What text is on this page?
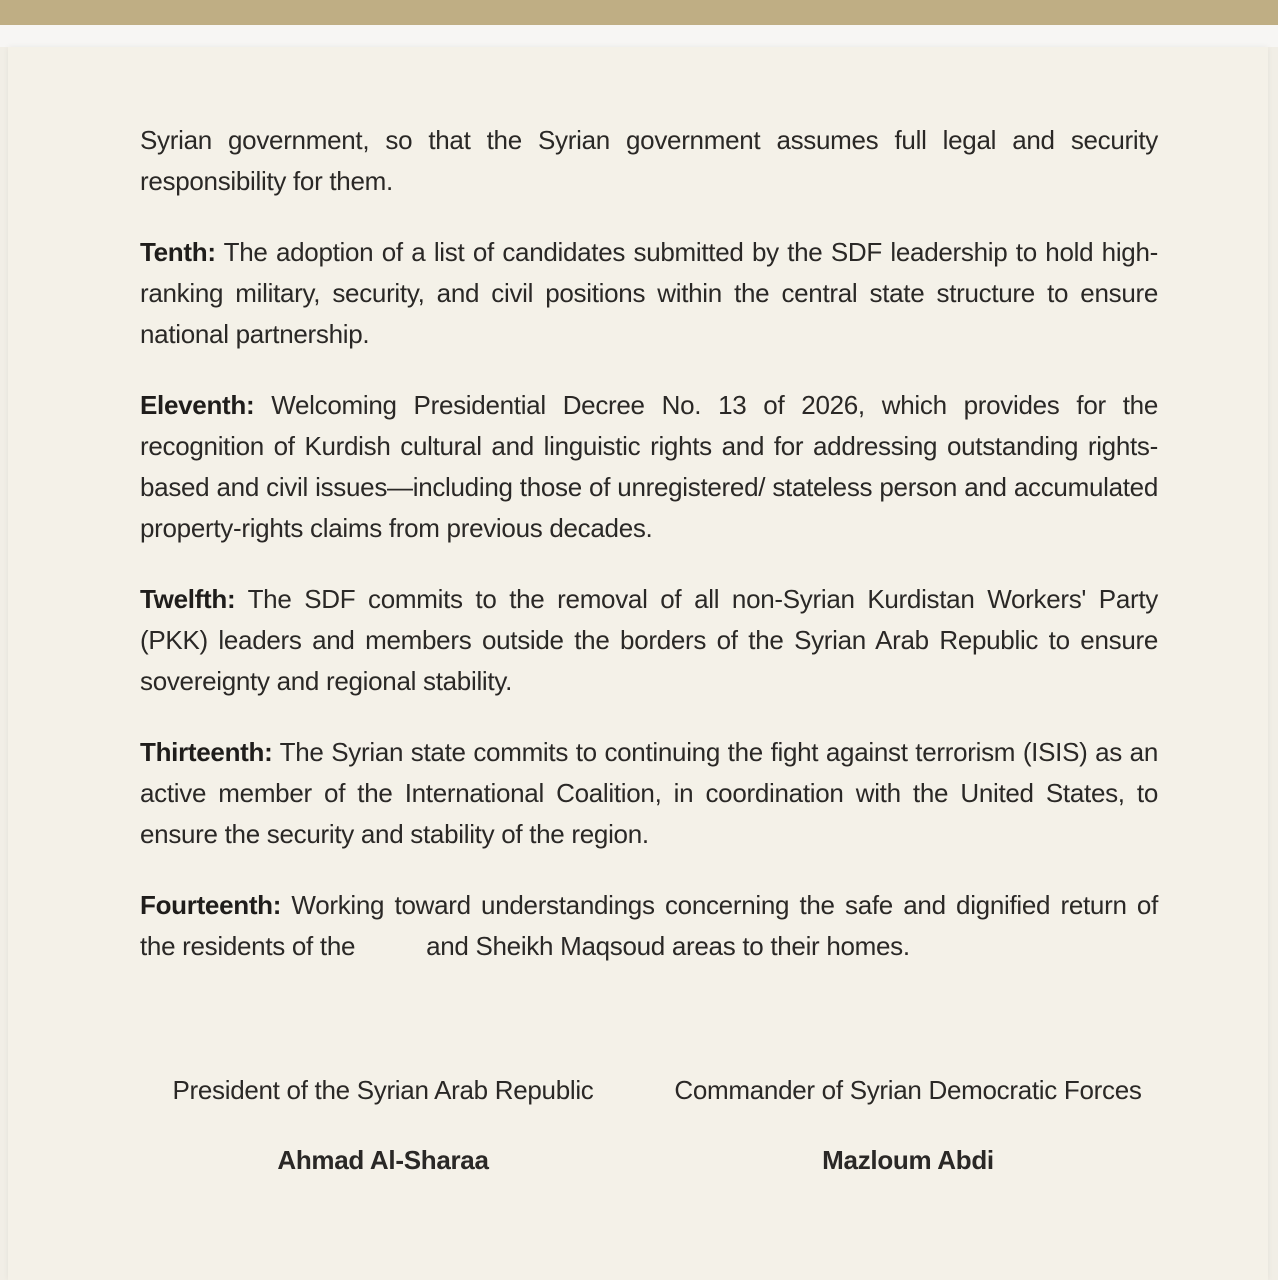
Syrian government, so that the Syrian government assumes full legal and security responsibility for them.

Tenth: The adoption of a list of candidates submitted by the SDF leadership to hold high-ranking military, security, and civil positions within the central state structure to ensure national partnership.

Eleventh: Welcoming Presidential Decree No. 13 of 2026, which provides for the recognition of Kurdish cultural and linguistic rights and for addressing outstanding rights-based and civil issues—including those of unregistered/ stateless person and accumulated property-rights claims from previous decades.

Twelfth: The SDF commits to the removal of all non-Syrian Kurdistan Workers' Party (PKK) leaders and members outside the borders of the Syrian Arab Republic to ensure sovereignty and regional stability.

Thirteenth: The Syrian state commits to continuing the fight against terrorism (ISIS) as an active member of the International Coalition, in coordination with the United States, to ensure the security and stability of the region.

Fourteenth: Working toward understandings concerning the safe and dignified return of the residents of the and Sheikh Maqsoud areas to their homes.

President of the Syrian Arab Republic
Ahmad Al-Sharaa
Commander of Syrian Democratic Forces
Mazloum Abdi
